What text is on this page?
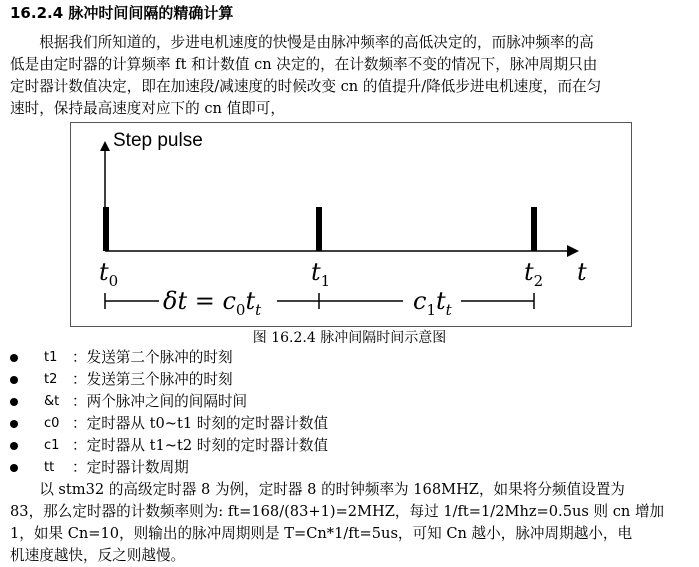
16.2.4 脉冲时间间隔的精确计算
　　根据我们所知道的，步进电机速度的快慢是由脉冲频率的高低决定的，而脉冲频率的高
低是由定时器的计算频率 ft 和计数值 cn 决定的，在计数频率不变的情况下，脉冲周期只由
定时器计数值决定，即在加速段/减速度的时候改变 cn 的值提升/降低步进电机速度，而在匀
速时，保持最高速度对应下的 cn 值即可，
Step pulse
t
$t_0$	$t_1$	$t_2$
$\delta t = c_0t_t$	$c_1t_t$
图 16.2.4 脉冲间隔时间示意图
t1 ：发送第二个脉冲的时刻
t2 ：发送第三个脉冲的时刻
&t ：两个脉冲之间的间隔时间
c0 ：定时器从 t0~t1 时刻的定时器计数值
c1 ：定时器从 t1~t2 时刻的定时器计数值
tt ：定时器计数周期
　　以 stm32 的高级定时器 8 为例，定时器 8 的时钟频率为 168MHZ，如果将分频值设置为
83，那么定时器的计数频率则为: ft=168/(83+1)=2MHZ，每过 1/ft=1/2Mhz=0.5us 则 cn 增加
1，如果 Cn=10，则输出的脉冲周期则是 T=Cn*1/ft=5us，可知 Cn 越小，脉冲周期越小，电
机速度越快，反之则越慢。
